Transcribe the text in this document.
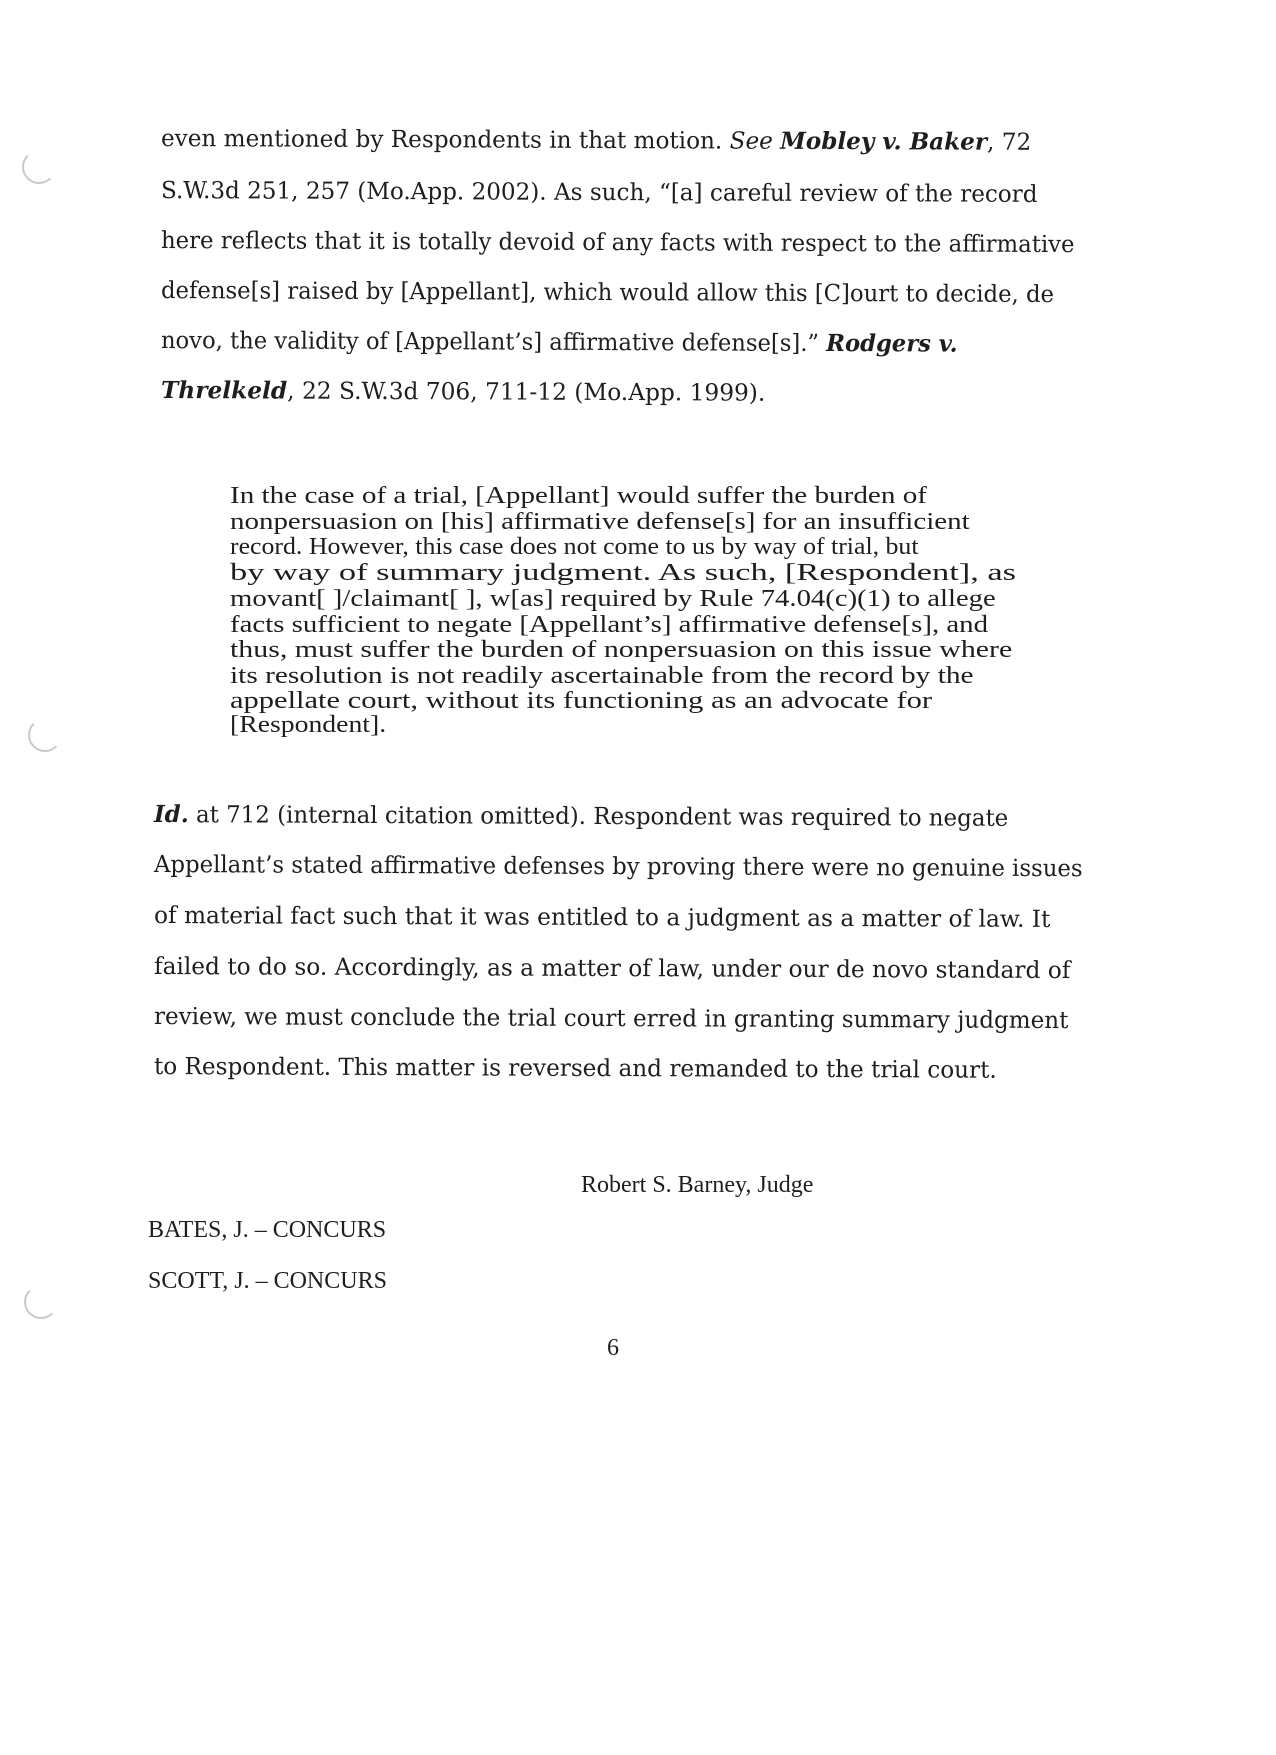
even mentioned by Respondents in that motion. See Mobley v. Baker, 72
S.W.3d 251, 257 (Mo.App. 2002). As such, “[a] careful review of the record
here reflects that it is totally devoid of any facts with respect to the affirmative
defense[s] raised by [Appellant], which would allow this [C]ourt to decide, de
novo, the validity of [Appellant’s] affirmative defense[s].” Rodgers v.
Threlkeld, 22 S.W.3d 706, 711-12 (Mo.App. 1999).
In the case of a trial, [Appellant] would suffer the burden of
nonpersuasion on [his] affirmative defense[s] for an insufficient
record. However, this case does not come to us by way of trial, but
by way of summary judgment. As such, [Respondent], as
movant[ ]/claimant[ ], w[as] required by Rule 74.04(c)(1) to allege
facts sufficient to negate [Appellant’s] affirmative defense[s], and
thus, must suffer the burden of nonpersuasion on this issue where
its resolution is not readily ascertainable from the record by the
appellate court, without its functioning as an advocate for
[Respondent].
Id. at 712 (internal citation omitted). Respondent was required to negate
Appellant’s stated affirmative defenses by proving there were no genuine issues
of material fact such that it was entitled to a judgment as a matter of law. It
failed to do so. Accordingly, as a matter of law, under our de novo standard of
review, we must conclude the trial court erred in granting summary judgment
to Respondent. This matter is reversed and remanded to the trial court.
Robert S. Barney, Judge
BATES, J. – CONCURS
SCOTT, J. – CONCURS
6
